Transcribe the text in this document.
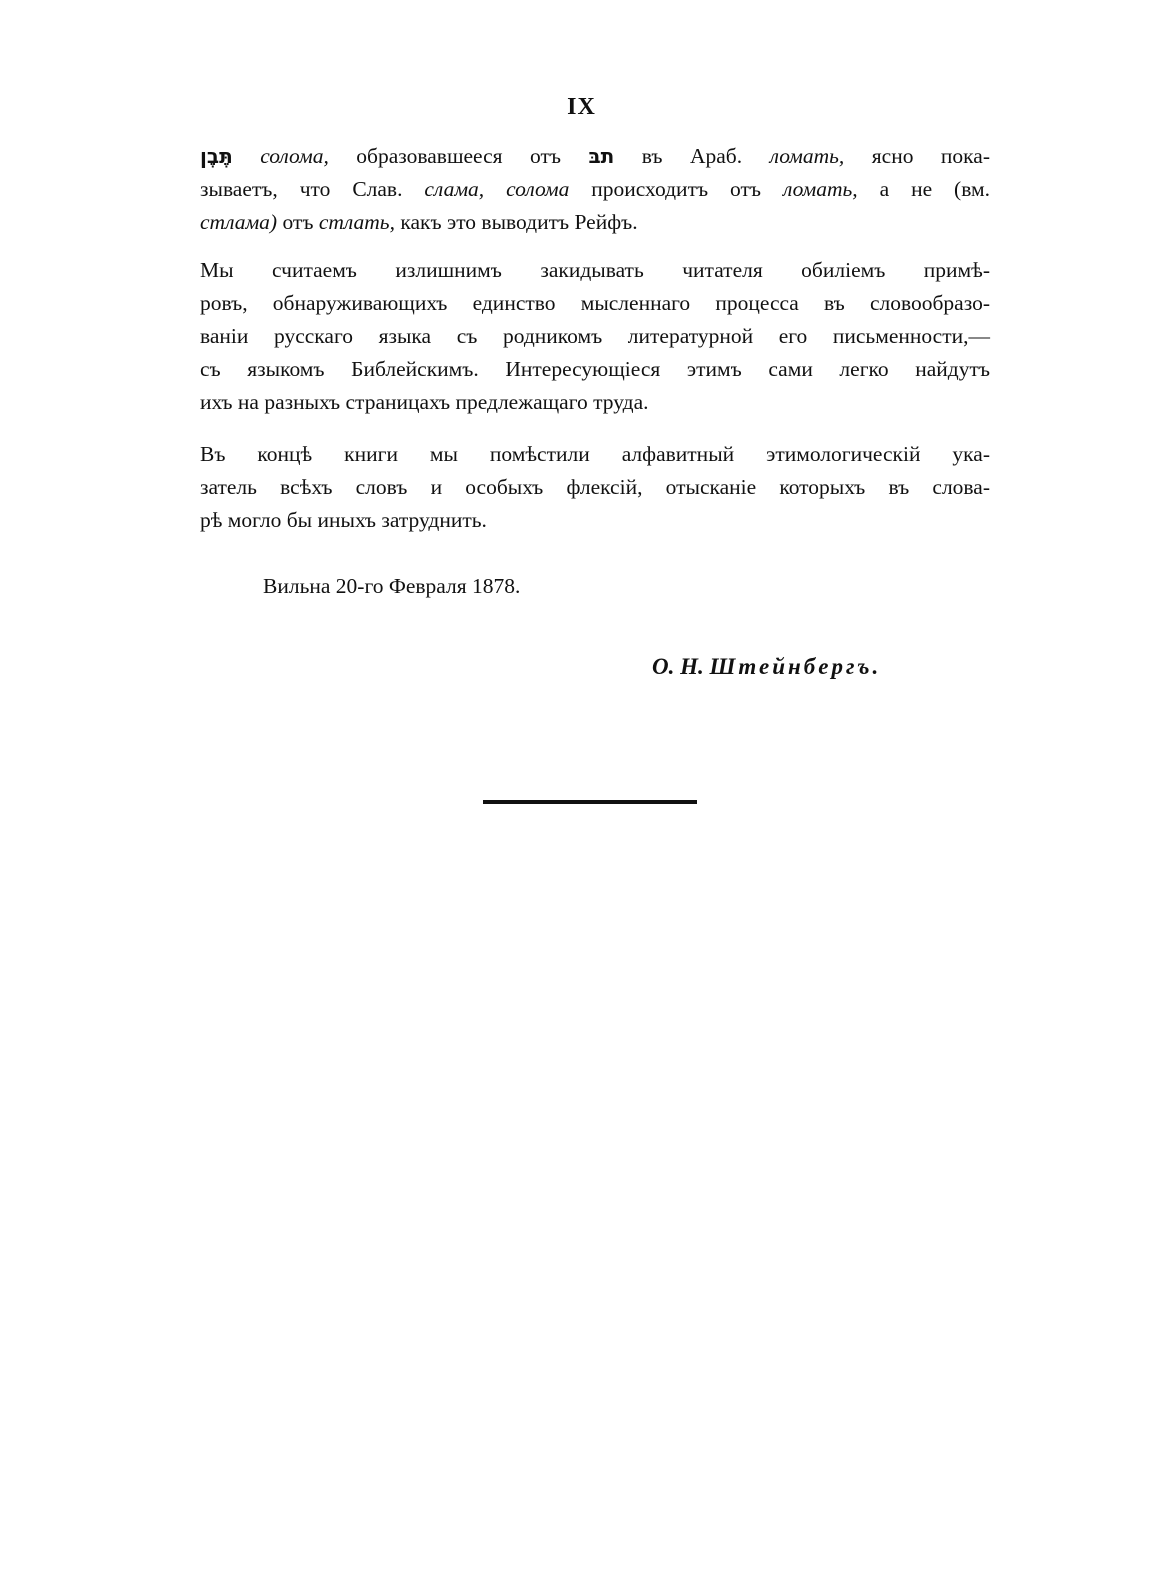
IX
תֶּבֶן солома, образовавшееся отъ תבּ въ Араб. ломать, ясно пока-
зываетъ, что Слав. слама, солома происходитъ отъ ломать, а не (вм.
стлама) отъ стлать, какъ это выводитъ Рейфъ.
Мы считаемъ излишнимъ закидывать читателя обиліемъ примѣ-
ровъ, обнаруживающихъ единство мысленнаго процесса въ словообразо-
ваніи русскаго языка съ родникомъ литературной его письменности,—
съ языкомъ Библейскимъ. Интересующіеся этимъ сами легко найдутъ
ихъ на разныхъ страницахъ предлежащаго труда.
Въ концѣ книги мы помѣстили алфавитный этимологическій ука-
затель всѣхъ словъ и особыхъ флексій, отысканіе которыхъ въ слова-
рѣ могло бы иныхъ затруднить.
Вильна 20-го Февраля 1878.
О. Н. Штейнбергъ.
